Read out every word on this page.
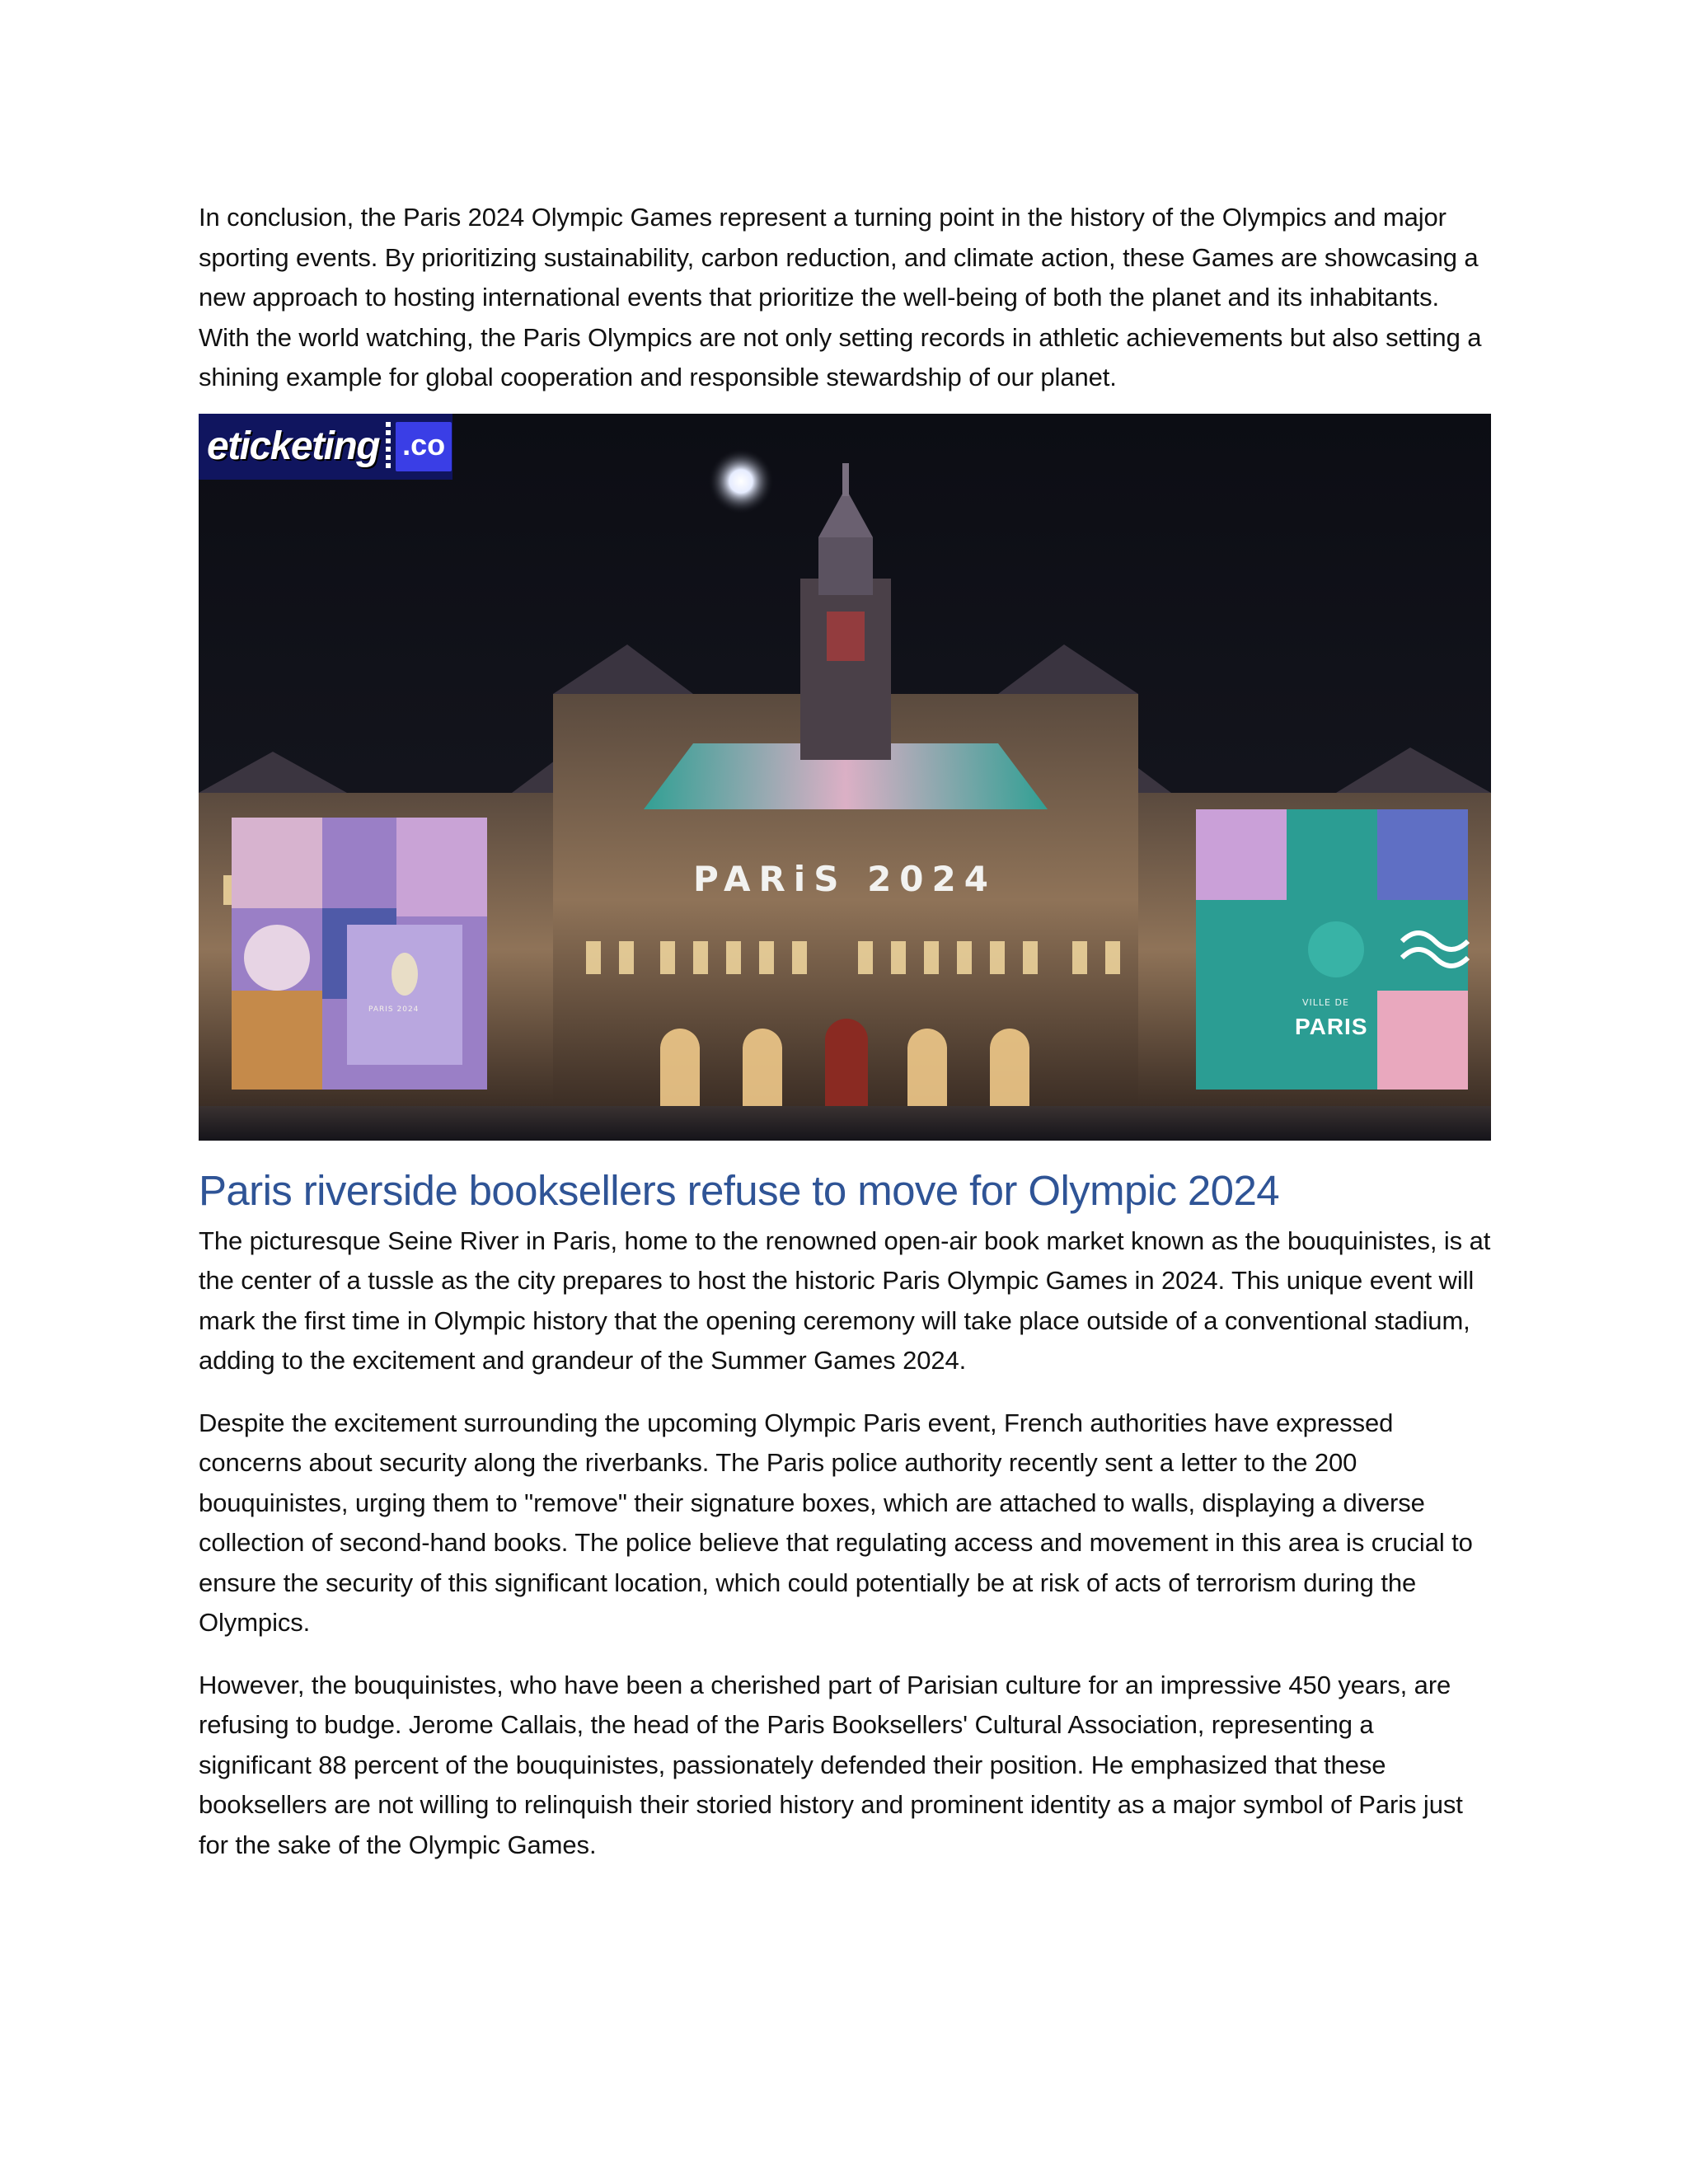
In conclusion, the Paris 2024 Olympic Games represent a turning point in the history of the Olympics and major sporting events. By prioritizing sustainability, carbon reduction, and climate action, these Games are showcasing a new approach to hosting international events that prioritize the well-being of both the planet and its inhabitants. With the world watching, the Paris Olympics are not only setting records in athletic achievements but also setting a shining example for global cooperation and responsible stewardship of our planet.

eticketing .co
PARiS 2024
PARIS 2024
VILLE DE
PARIS
Paris riverside booksellers refuse to move for Olympic 2024

The picturesque Seine River in Paris, home to the renowned open-air book market known as the bouquinistes, is at the center of a tussle as the city prepares to host the historic Paris Olympic Games in 2024. This unique event will mark the first time in Olympic history that the opening ceremony will take place outside of a conventional stadium, adding to the excitement and grandeur of the Summer Games 2024.

Despite the excitement surrounding the upcoming Olympic Paris event, French authorities have expressed concerns about security along the riverbanks. The Paris police authority recently sent a letter to the 200 bouquinistes, urging them to "remove" their signature boxes, which are attached to walls, displaying a diverse collection of second-hand books. The police believe that regulating access and movement in this area is crucial to ensure the security of this significant location, which could potentially be at risk of acts of terrorism during the Olympics.

However, the bouquinistes, who have been a cherished part of Parisian culture for an impressive 450 years, are refusing to budge. Jerome Callais, the head of the Paris Booksellers' Cultural Association, representing a significant 88 percent of the bouquinistes, passionately defended their position. He emphasized that these booksellers are not willing to relinquish their storied history and prominent identity as a major symbol of Paris just for the sake of the Olympic Games.
